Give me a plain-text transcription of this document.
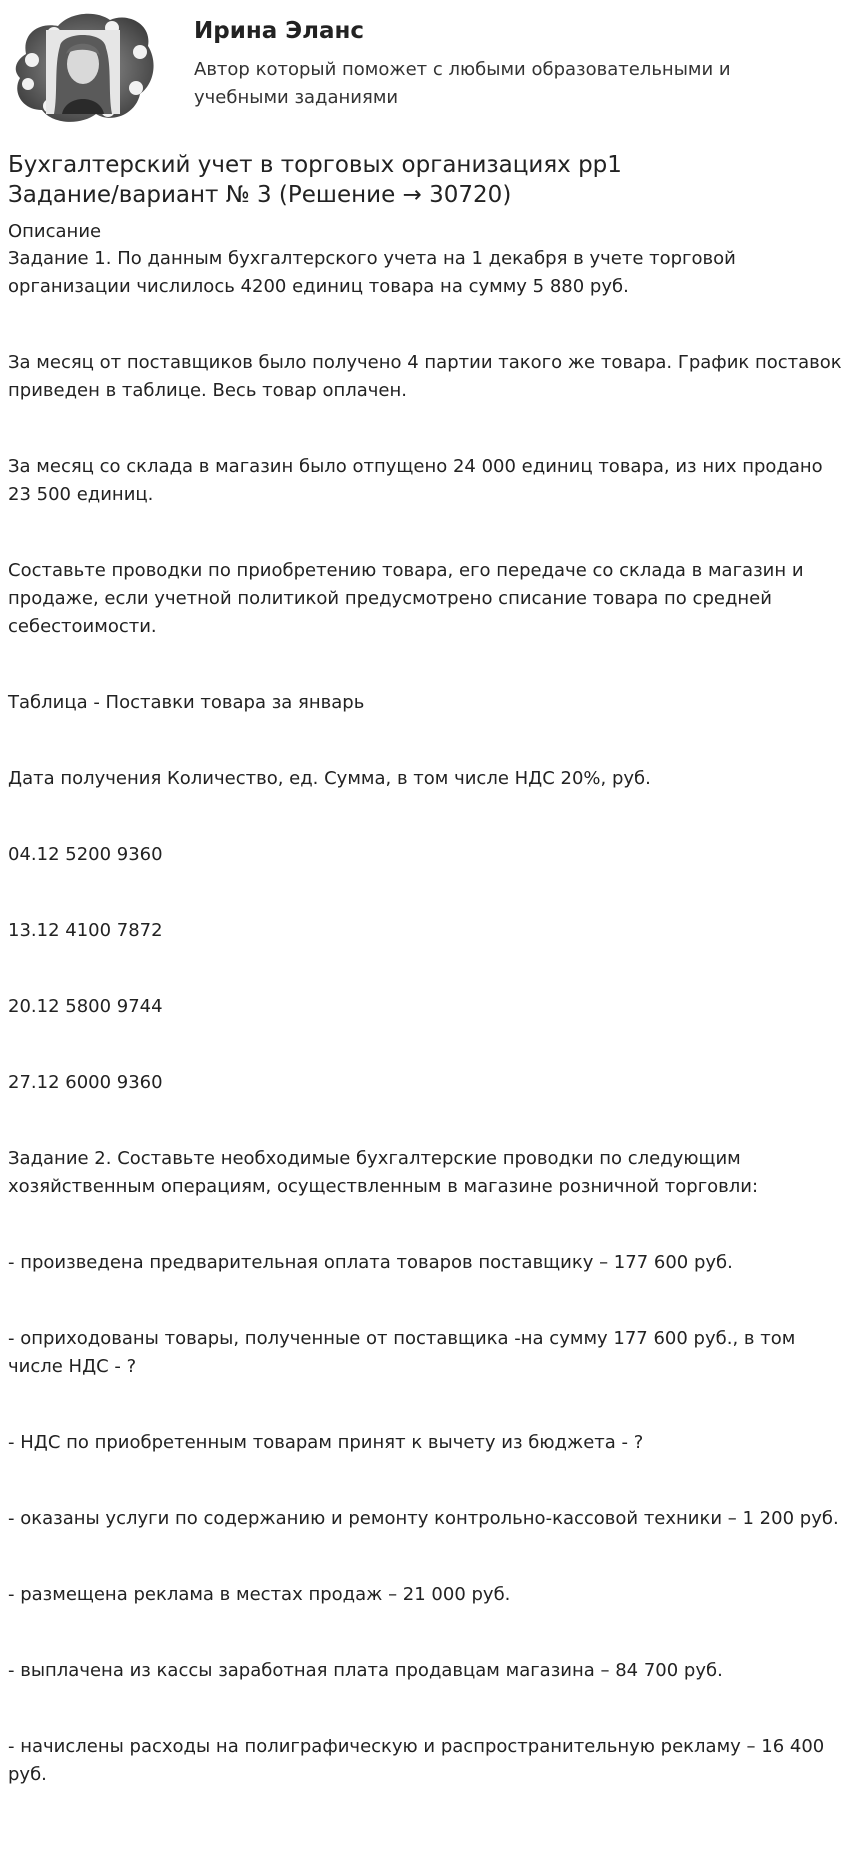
Ирина Эланс
Автор который поможет с любыми образовательными и учебными заданиями
Бухгалтерский учет в торговых организациях рр1
Задание/вариант № 3 (Решение → 30720)
Описание

Задание 1. По данным бухгалтерского учета на 1 декабря в учете торговой организации числилось 4200 единиц товара на сумму 5 880 руб.

За месяц от поставщиков было получено 4 партии такого же товара. График поставок приведен в таблице. Весь товар оплачен.

За месяц со склада в магазин было отпущено 24 000 единиц товара, из них продано 23 500 единиц.

Составьте проводки по приобретению товара, его передаче со склада в магазин и продаже, если учетной политикой предусмотрено списание товара по средней себестоимости.

Таблица - Поставки товара за январь

Дата получения Количество, ед. Сумма, в том числе НДС 20%, руб.

04.12 5200 9360

13.12 4100 7872

20.12 5800 9744

27.12 6000 9360

Задание 2. Составьте необходимые бухгалтерские проводки по следующим хозяйственным операциям, осуществленным в магазине розничной торговли:

- произведена предварительная оплата товаров поставщику – 177 600 руб.

- оприходованы товары, полученные от поставщика -на сумму 177 600 руб., в том числе НДС - ?

- НДС по приобретенным товарам принят к вычету из бюджета - ?

- оказаны услуги по содержанию и ремонту контрольно-кассовой техники – 1 200 руб.

- размещена реклама в местах продаж – 21 000 руб.

- выплачена из кассы заработная плата продавцам магазина – 84 700 руб.

- начислены расходы на полиграфическую и распространительную рекламу – 16 400 руб.
